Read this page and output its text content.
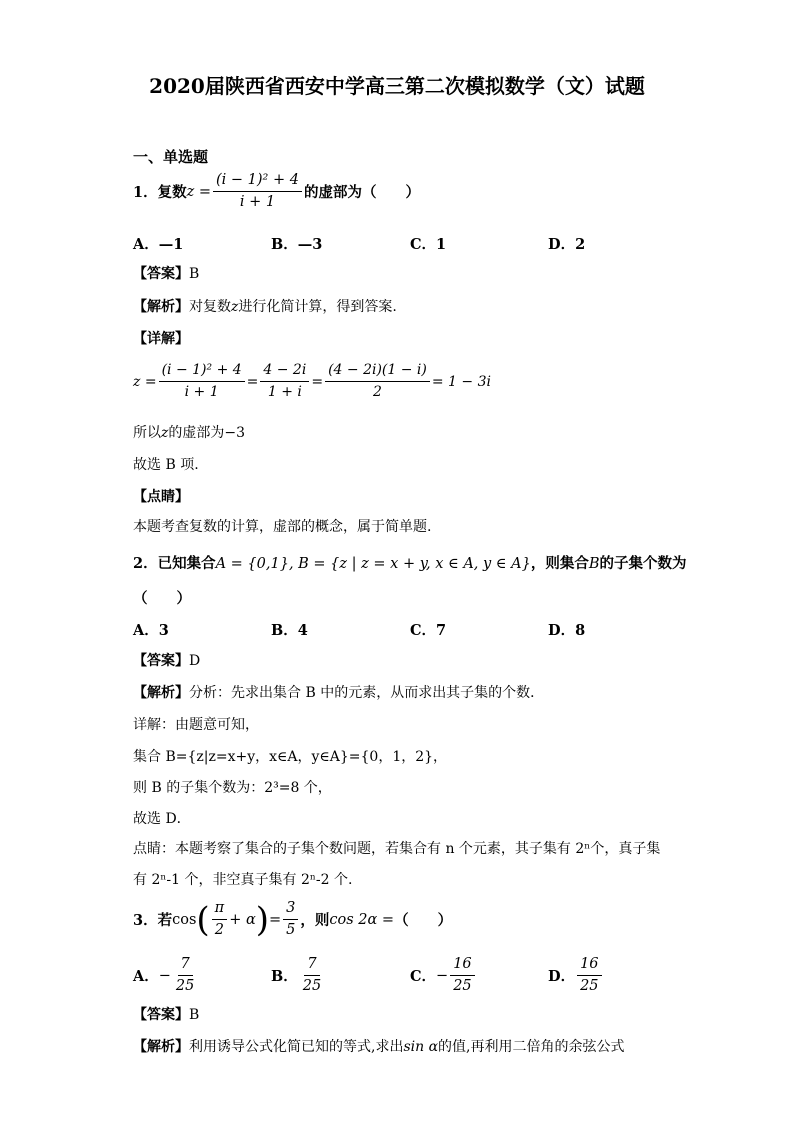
2020届陕西省西安中学高三第二次模拟数学（文）试题
一、单选题
1． 复数 $z = \frac{\text{(i − 1)² + 4}}{i + 1}$ 的虚部为（　　）
A．—1	B．—3	C．1	D．2
【答案】B
【解析】对复数z进行化简计算，得到答案.
【详解】
$z = \frac{\text{(i − 1)² + 4}}{i + 1} = \frac{4 - 2i}{1 + i} = \frac{(4 - 2i)(1 - i)}{2} = 1 - 3i$
所以z的虚部为−3
故选 B 项.
【点睛】
本题考查复数的计算，虚部的概念，属于简单题.
2．已知集合A = {0,1}, B = {z | z = x + y, x ∈ A, y ∈ A}，则集合B的子集个数为
（　　）
A．3	B．4	C．7	D．8
【答案】D
【解析】分析：先求出集合 B 中的元素，从而求出其子集的个数．
详解：由题意可知，
集合 B={z|z=x+y，x∈A，y∈A}={0，1，2}，
则 B 的子集个数为：2³=8 个，
故选 D．
点睛：本题考察了集合的子集个数问题，若集合有 n 个元素，其子集有 2ⁿ个，真子集
有 2ⁿ-1 个，非空真子集有 2ⁿ-2 个.
3． 若 cos ( $\frac{\pi}{2} + \alpha$ ) = $\frac{3}{5}$ ，则 cos 2α = （　　）
A． − $\frac{7}{25}$	B． $\frac{7}{25}$	C． − $\frac{16}{25}$	D． $\frac{16}{25}$
【答案】B
【解析】利用诱导公式化简已知的等式,求出sin α的值,再利用二倍角的余弦公式
